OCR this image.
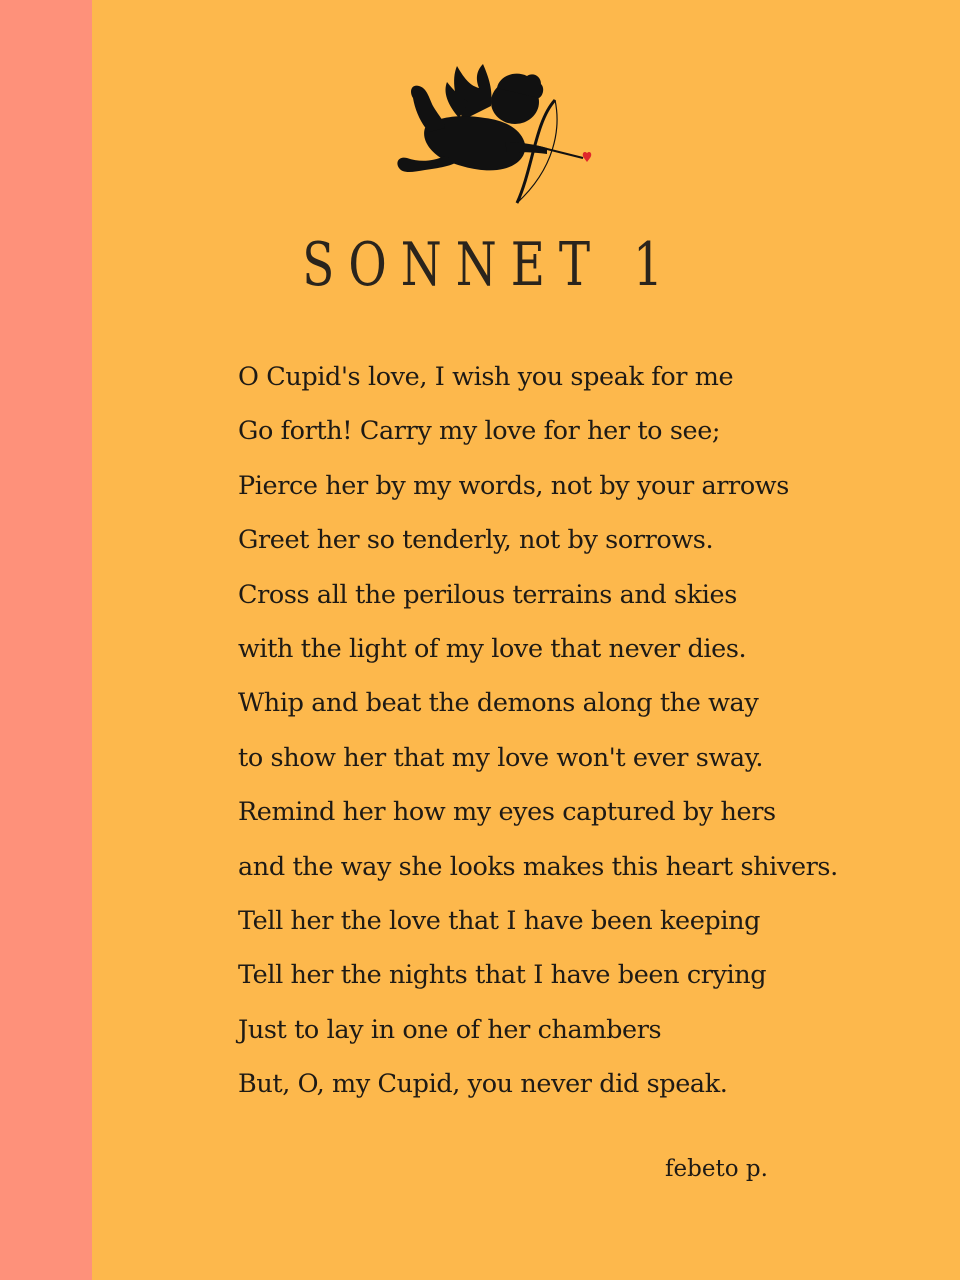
SONNET 1
O Cupid's love, I wish you speak for me
Go forth! Carry my love for her to see;
Pierce her by my words, not by your arrows
Greet her so tenderly, not by sorrows.
Cross all the perilous terrains and skies
with the light of my love that never dies.
Whip and beat the demons along the way
to show her that my love won't ever sway.
Remind her how my eyes captured by hers
and the way she looks makes this heart shivers.
Tell her the love that I have been keeping
Tell her the nights that I have been crying
Just to lay in one of her chambers
But, O, my Cupid, you never did speak.
febeto p.
